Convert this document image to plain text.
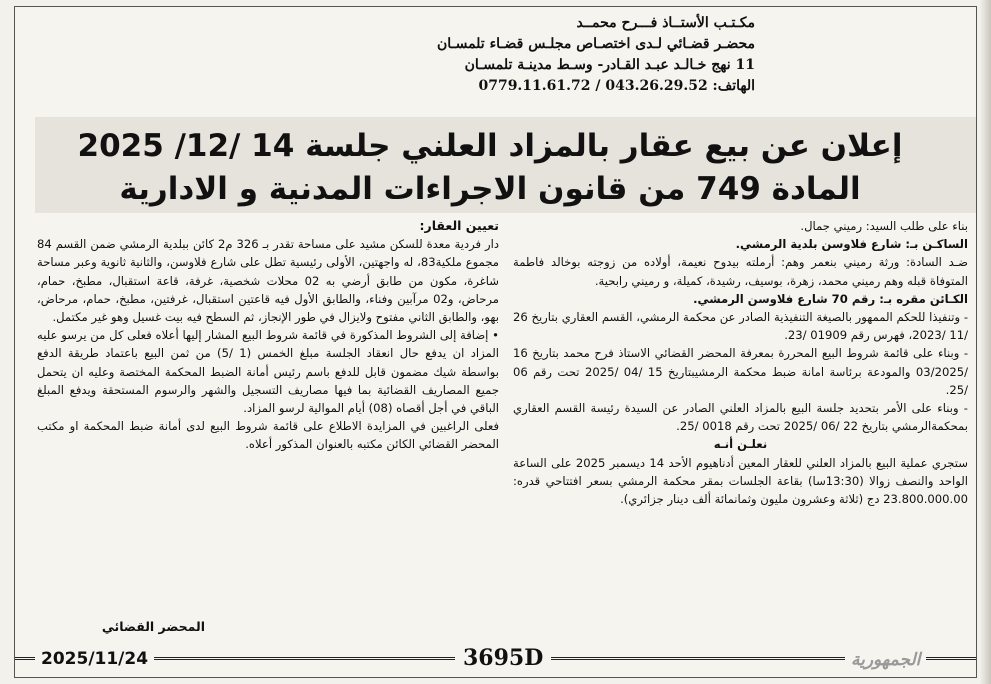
مكـتـب الأستــاذ فـــرح محمــد
محضـر قضـائي لـدى اختصـاص مجلـس قضـاء تلمسـان
11 نهج خـالـد عبـد القـادر- وسـط مدينـة تلمسـان
الهاتف: 043.26.29.52 / 0779.11.61.72
إعلان عن بيع عقار بالمزاد العلني جلسة 14 /12/ 2025
المادة 749 من قانون الاجراءات المدنية و الادارية

بناء على طلب السيد: رميني جمال.

الساكـن بـ: شارع فلاوسن بلدية الرمشي.

ضـد السادة: ورثة رميني بنعمر وهم: أرملته بيدوح نعيمة، أولاده من زوجته بوخالد فاطمة المتوفاة قبله وهم رميني محمد، زهرة، بوسيف، رشيدة، كميلة، و رميني رابحية.

الكـائن مقره بـ: رقم 70 شارع فلاوسن الرمشي.

- وتنفيذا للحكم الممهور بالصيغة التنفيذية الصادر عن محكمة الرمشي، القسم العقاري بتاريخ 26 /11 /2023، فهرس رقم 01909 /23.

- وبناء على قائمة شروط البيع المحررة بمعرفة المحضر القضائي الاستاذ فرح محمد بتاريخ 16 /03/2025 والمودعة برئاسة امانة ضبط محكمة الرمشيبتاريخ 15 /04 /2025 تحت رقم 06 /25.

- وبناء على الأمر بتحديد جلسة البيع بالمزاد العلني الصادر عن السيدة رئيسة القسم العقاري بمحكمةالرمشي بتاريخ 22 /06 /2025 تحت رقم 0018 /25.

نعلـن أنـه

ستجري عملية البيع بالمزاد العلني للعقار المعين أدناهيوم الأحد 14 ديسمبر 2025 على الساعة الواحد والنصف زوالا (13:30سا) بقاعة الجلسات بمقر محكمة الرمشي بسعر افتتاحي قدره: 23.800.000.00 دج (ثلاثة وعشرون مليون وثمانمائة ألف دينار جزائري).

تعيين العقار:

دار فردية معدة للسكن مشيد على مساحة تقدر بـ 326 م2 كائن ببلدية الرمشي ضمن القسم 84 مجموع ملكية83، له واجهتين، الأولى رئيسية تطل على شارع فلاوسن، والثانية ثانوية وعبر مساحة شاغرة، مكون من طابق أرضي به 02 محلات شخصية، غرفة، قاعة استقبال، مطبخ، حمام، مرحاض، و02 مرآبين وفناء، والطابق الأول فيه قاعتين استقبال، غرفتين، مطبخ، حمام، مرحاض، بهو، والطابق الثاني مفتوح ولايزال في طور الإنجاز، ثم السطح فيه بيت غسيل وهو غير مكتمل.

• إضافة إلى الشروط المذكورة في قائمة شروط البيع المشار إليها أعلاه فعلى كل من يرسو عليه المزاد ان يدفع حال انعقاد الجلسة مبلغ الخمس (1 /5) من ثمن البيع باعتماد طريقة الدفع بواسطة شيك مضمون قابل للدفع باسم رئيس أمانة الضبط المحكمة المختصة وعليه ان يتحمل جميع المصاريف القضائية بما فيها مصاريف التسجيل والشهر والرسوم المستحقة ويدفع المبلغ الباقي في أجل أقصاه (08) أيام الموالية لرسو المزاد.

فعلى الراغبين في المزايدة الاطلاع على قائمة شروط البيع لدى أمانة ضبط المحكمة او مكتب المحضر القضائي الكائن مكتبه بالعنوان المذكور أعلاه.

المحضر القضائي
2025/11/24	3695D	الجمهورية
